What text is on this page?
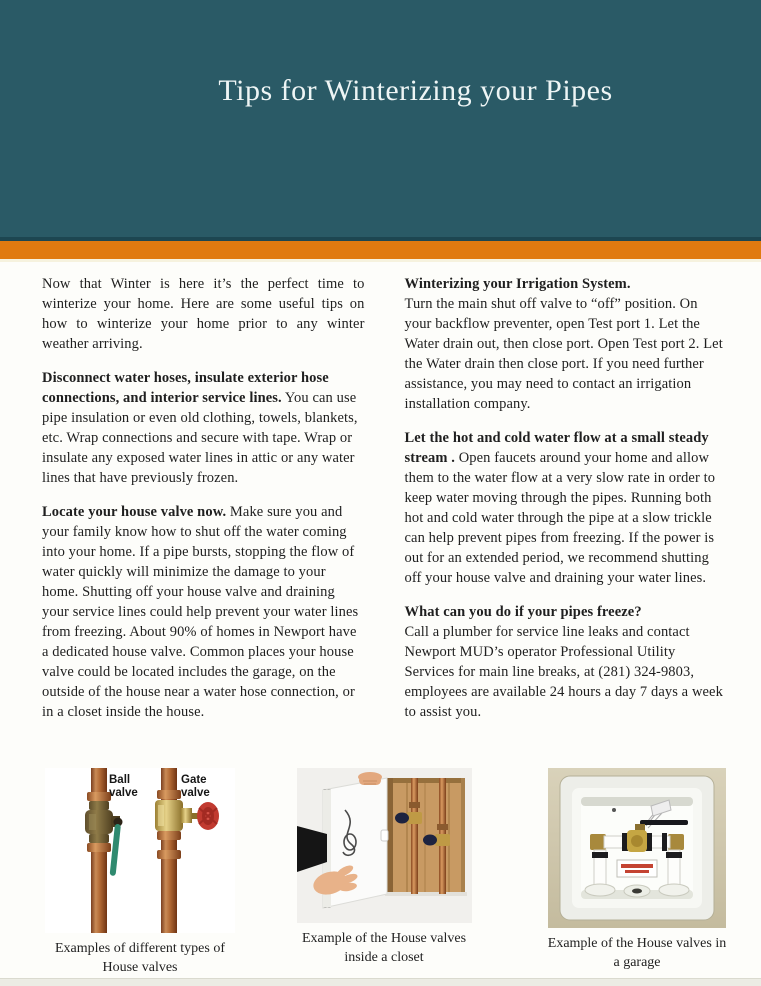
Tips for Winterizing your Pipes

Now that Winter is here it’s the perfect time to winterize your home. Here are some useful tips on how to winterize your home prior to any winter weather arriving.

Disconnect water hoses, insulate exterior hose connections, and interior service lines. You can use pipe insulation or even old clothing, towels, blankets, etc. Wrap connections and secure with tape. Wrap or insulate any exposed water lines in attic or any water lines that have previously frozen.

Locate your house valve now. Make sure you and your family know how to shut off the water coming into your home. If a pipe bursts, stopping the flow of water quickly will minimize the damage to your home. Shutting off your house valve and draining your service lines could help prevent your water lines from freezing. About 90% of homes in Newport have a dedicated house valve. Common places your house valve could be located includes the garage, on the outside of the house near a water hose connection, or in a closet inside the house.

Winterizing your Irrigation System.
Turn the main shut off valve to “off” position. On your backflow preventer, open Test port 1. Let the Water drain out, then close port. Open Test port 2. Let the Water drain then close port. If you need further assistance, you may need to contact an irrigation installation company.

Let the hot and cold water flow at a small steady stream . Open faucets around your home and allow them to the water flow at a very slow rate in order to keep water moving through the pipes. Running both hot and cold water through the pipe at a slow trickle can help prevent pipes from freezing. If the power is out for an extended period, we recommend shutting off your house valve and draining your water lines.

What can you do if your pipes freeze?
Call a plumber for service line leaks and contact Newport MUD’s operator Professional Utility Services for main line breaks, at (281) 324-9803, employees are available 24 hours a day 7 days a week to assist you.

Ball valve
Gate valve
Examples of different types of House valves
Example of the House valves inside a closet
Example of the House valves in a garage
